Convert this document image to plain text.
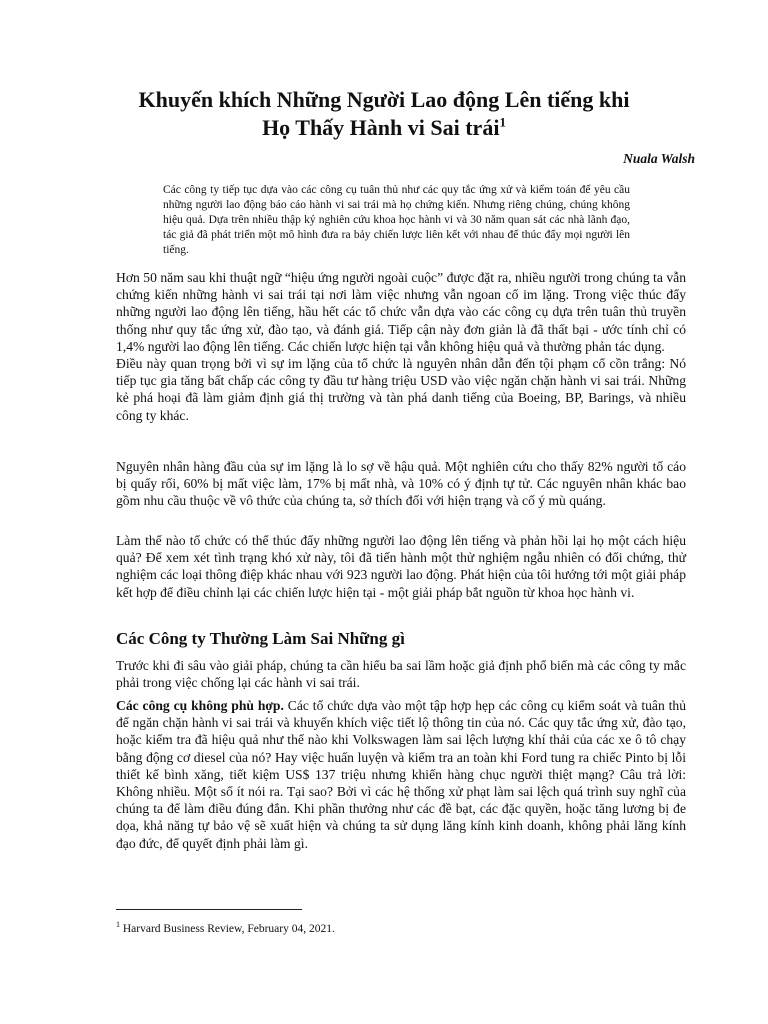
Khuyến khích Những Người Lao động Lên tiếng khi
Họ Thấy Hành vi Sai trái$^1$

Nuala Walsh

Các công ty tiếp tục dựa vào các công cụ tuân thủ như các quy tắc ứng xử và kiểm toán để yêu cầu những người lao động báo cáo hành vi sai trái mà họ chứng kiến. Nhưng riêng chúng, chúng không hiệu quả. Dựa trên nhiều thập kỷ nghiên cứu khoa học hành vi và 30 năm quan sát các nhà lãnh đạo, tác giả đã phát triển một mô hình đưa ra bảy chiến lược liên kết với nhau để thúc đẩy mọi người lên tiếng.

Hơn 50 năm sau khi thuật ngữ “hiệu ứng người ngoài cuộc” được đặt ra, nhiều người trong chúng ta vẫn chứng kiến những hành vi sai trái tại nơi làm việc nhưng vẫn ngoan cố im lặng. Trong việc thúc đẩy những người lao động lên tiếng, hầu hết các tổ chức vẫn dựa vào các công cụ dựa trên tuân thủ truyền thống như quy tắc ứng xử, đào tạo, và đánh giá. Tiếp cận này đơn giản là đã thất bại - ước tính chỉ có 1,4% người lao động lên tiếng. Các chiến lược hiện tại vẫn không hiệu quả và thường phản tác dụng.

Điều này quan trọng bởi vì sự im lặng của tổ chức là nguyên nhân dẫn đến tội phạm cổ cồn trắng: Nó tiếp tục gia tăng bất chấp các công ty đầu tư hàng triệu USD vào việc ngăn chặn hành vi sai trái. Những kẻ phá hoại đã làm giảm định giá thị trường và tàn phá danh tiếng của Boeing, BP, Barings, và nhiều công ty khác.

Nguyên nhân hàng đầu của sự im lặng là lo sợ về hậu quả. Một nghiên cứu cho thấy 82% người tố cáo bị quấy rối, 60% bị mất việc làm, 17% bị mất nhà, và 10% có ý định tự tử. Các nguyên nhân khác bao gồm nhu cầu thuộc về vô thức của chúng ta, sở thích đối với hiện trạng và cố ý mù quáng.

Làm thế nào tổ chức có thể thúc đẩy những người lao động lên tiếng và phản hồi lại họ một cách hiệu quả? Để xem xét tình trạng khó xử này, tôi đã tiến hành một thử nghiệm ngẫu nhiên có đối chứng, thử nghiệm các loại thông điệp khác nhau với 923 người lao động. Phát hiện của tôi hướng tới một giải pháp kết hợp để điều chỉnh lại các chiến lược hiện tại - một giải pháp bắt nguồn từ khoa học hành vi.

Các Công ty Thường Làm Sai Những gì

Trước khi đi sâu vào giải pháp, chúng ta cần hiểu ba sai lầm hoặc giả định phổ biến mà các công ty mắc phải trong việc chống lại các hành vi sai trái.

Các công cụ không phù hợp. Các tổ chức dựa vào một tập hợp hẹp các công cụ kiểm soát và tuân thủ để ngăn chặn hành vi sai trái và khuyến khích việc tiết lộ thông tin của nó. Các quy tắc ứng xử, đào tạo, hoặc kiểm tra đã hiệu quả như thế nào khi Volkswagen làm sai lệch lượng khí thải của các xe ô tô chạy bằng động cơ diesel của nó? Hay việc huấn luyện và kiểm tra an toàn khi Ford tung ra chiếc Pinto bị lỗi thiết kế bình xăng, tiết kiệm US$ 137 triệu nhưng khiến hàng chục người thiệt mạng? Câu trả lời: Không nhiều. Một số ít nói ra. Tại sao? Bởi vì các hệ thống xử phạt làm sai lệch quá trình suy nghĩ của chúng ta để làm điều đúng đắn. Khi phần thưởng như các đề bạt, các đặc quyền, hoặc tăng lương bị đe dọa, khả năng tự bảo vệ sẽ xuất hiện và chúng ta sử dụng lăng kính kinh doanh, không phải lăng kính đạo đức, để quyết định phải làm gì.

$^1$ Harvard Business Review, February 04, 2021.
